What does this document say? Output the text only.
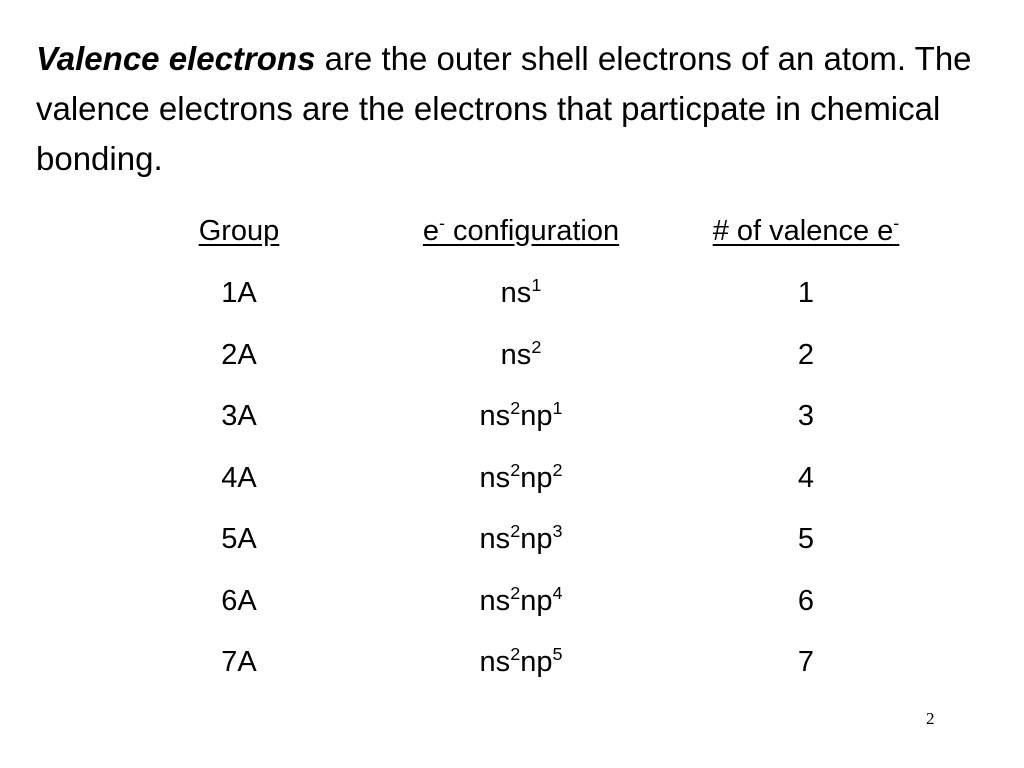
Valence electrons are the outer shell electrons of an atom. The valence electrons are the electrons that particpate in chemical bonding.

Group	e- configuration	# of valence e-
1A	$ns^1$	1
2A	$ns^2$	2
3A	$ns^2np^1$	3
4A	$ns^2np^2$	4
5A	$ns^2np^3$	5
6A	$ns^2np^4$	6
7A	$ns^2np^5$	7
2
